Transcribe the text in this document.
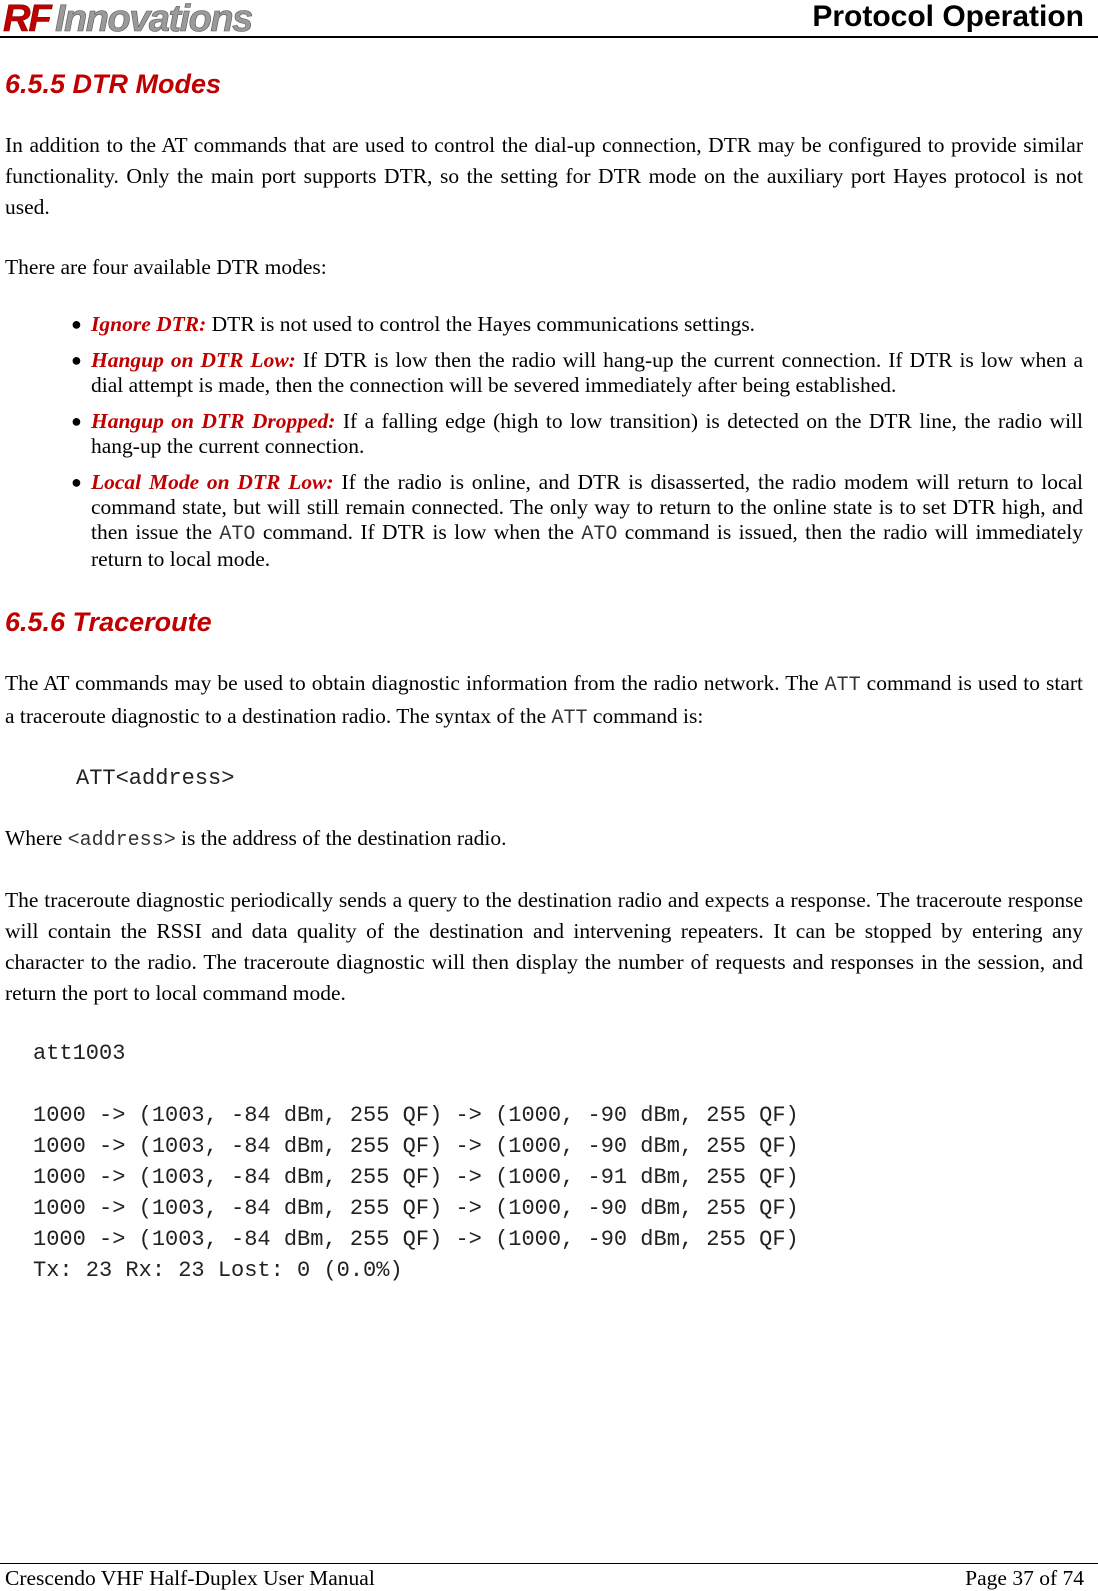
RF Innovations	Protocol Operation
6.5.5 DTR Modes

In addition to the AT commands that are used to control the dial-up connection, DTR may be configured to provide similar functionality. Only the main port supports DTR, so the setting for DTR mode on the auxiliary port Hayes protocol is not used.

There are four available DTR modes:

● Ignore DTR: DTR is not used to control the Hayes communications settings.
● Hangup on DTR Low: If DTR is low then the radio will hang-up the current connection. If DTR is low when a dial attempt is made, then the connection will be severed immediately after being established.
● Hangup on DTR Dropped: If a falling edge (high to low transition) is detected on the DTR line, the radio will hang-up the current connection.
● Local Mode on DTR Low: If the radio is online, and DTR is disasserted, the radio modem will return to local command state, but will still remain connected. The only way to return to the online state is to set DTR high, and then issue the ATO command. If DTR is low when the ATO command is issued, then the radio will immediately return to local mode.
6.5.6 Traceroute

The AT commands may be used to obtain diagnostic information from the radio network. The ATT command is used to start a traceroute diagnostic to a destination radio. The syntax of the ATT command is:

ATT<address>

Where <address> is the address of the destination radio.

The traceroute diagnostic periodically sends a query to the destination radio and expects a response. The traceroute response will contain the RSSI and data quality of the destination and intervening repeaters. It can be stopped by entering any character to the radio. The traceroute diagnostic will then display the number of requests and responses in the session, and return the port to local command mode.

att1003
1000 -> (1003, -84 dBm, 255 QF) -> (1000, -90 dBm, 255 QF)
1000 -> (1003, -84 dBm, 255 QF) -> (1000, -90 dBm, 255 QF)
1000 -> (1003, -84 dBm, 255 QF) -> (1000, -91 dBm, 255 QF)
1000 -> (1003, -84 dBm, 255 QF) -> (1000, -90 dBm, 255 QF)
1000 -> (1003, -84 dBm, 255 QF) -> (1000, -90 dBm, 255 QF)
Tx: 23 Rx: 23 Lost: 0 (0.0%)
Crescendo VHF Half-Duplex User Manual	Page 37 of 74
